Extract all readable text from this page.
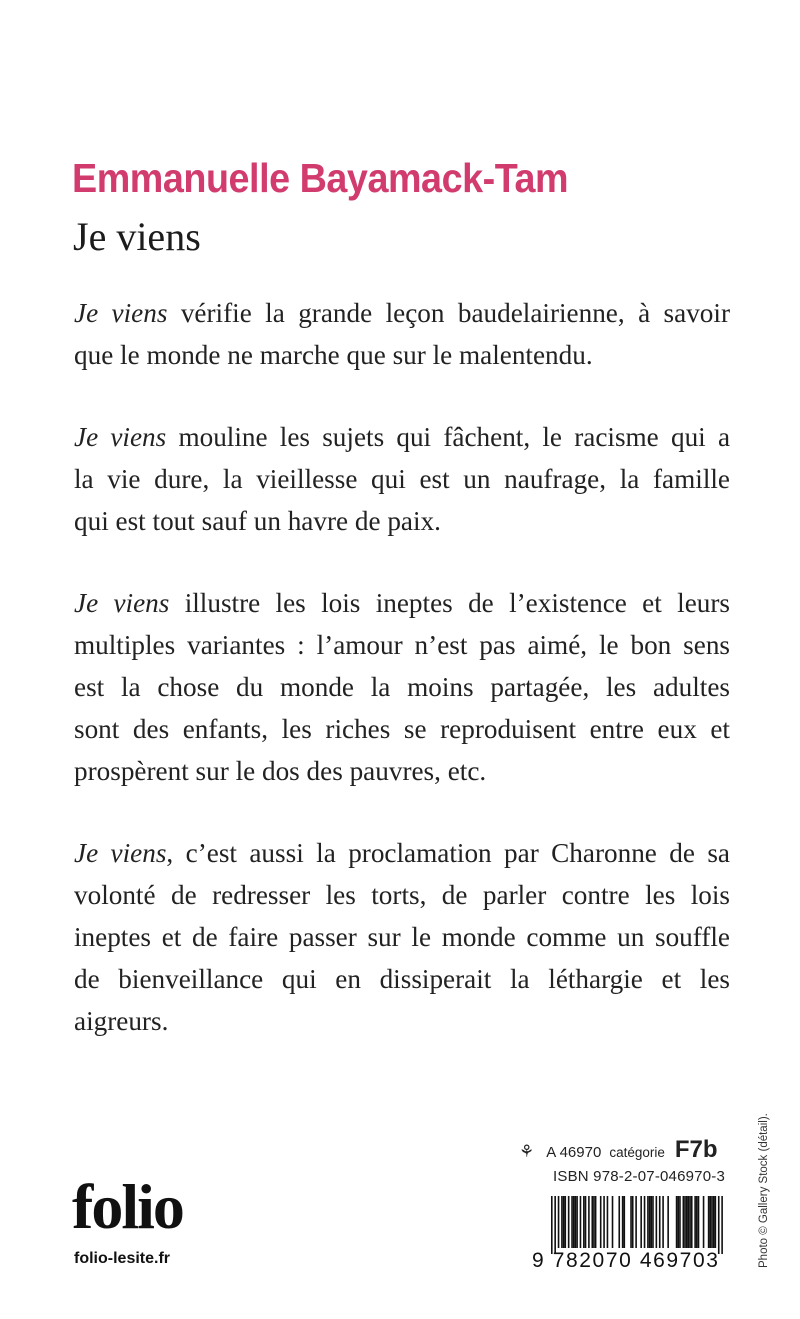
Emmanuelle Bayamack-Tam
Je viens
Je viens vérifie la grande leçon baudelairienne, à savoir
que le monde ne marche que sur le malentendu.
Je viens mouline les sujets qui fâchent, le racisme qui a
la vie dure, la vieillesse qui est un naufrage, la famille
qui est tout sauf un havre de paix.
Je viens illustre les lois ineptes de l’existence et leurs
multiples variantes : l’amour n’est pas aimé, le bon sens
est la chose du monde la moins partagée, les adultes
sont des enfants, les riches se reproduisent entre eux et
prospèrent sur le dos des pauvres, etc.
Je viens, c’est aussi la proclamation par Charonne de sa
volonté de redresser les torts, de parler contre les lois
ineptes et de faire passer sur le monde comme un souffle
de bienveillance qui en dissiperait la léthargie et les
aigreurs.
⚘ A 46970 catégorie F7b
ISBN 978-2-07-046970-3
9 782070 469703
folio
folio-lesite.fr	Photo © Gallery Stock (détail).
